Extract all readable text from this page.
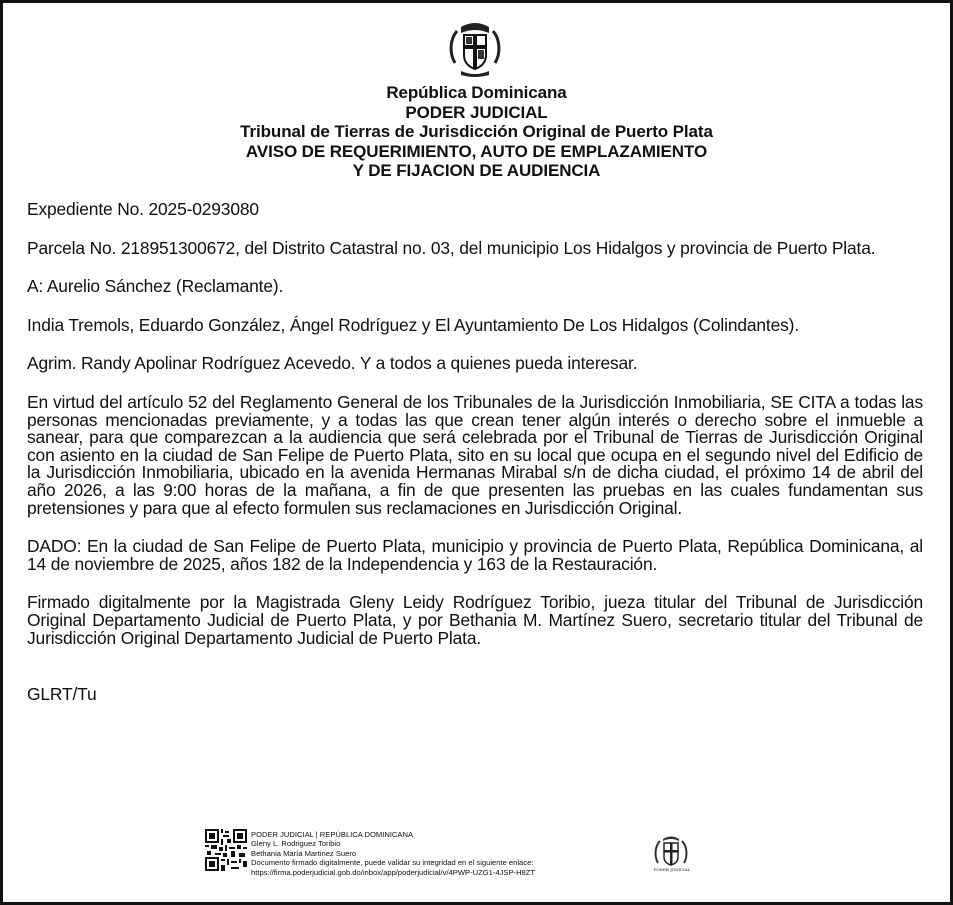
República Dominicana
PODER JUDICIAL
Tribunal de Tierras de Jurisdicción Original de Puerto Plata
AVISO DE REQUERIMIENTO, AUTO DE EMPLAZAMIENTO
Y DE FIJACION DE AUDIENCIA

Expediente No. 2025-0293080

Parcela No. 218951300672, del Distrito Catastral no. 03, del municipio Los Hidalgos y provincia de Puerto Plata.

A: Aurelio Sánchez (Reclamante).

India Tremols, Eduardo González, Ángel Rodríguez y El Ayuntamiento De Los Hidalgos (Colindantes).

Agrim. Randy Apolinar Rodríguez Acevedo. Y a todos a quienes pueda interesar.

En virtud del artículo 52 del Reglamento General de los Tribunales de la Jurisdicción Inmobiliaria, SE CITA a todas las personas mencionadas previamente, y a todas las que crean tener algún interés o derecho sobre el inmueble a sanear, para que comparezcan a la audiencia que será celebrada por el Tribunal de Tierras de Jurisdicción Original con asiento en la ciudad de San Felipe de Puerto Plata, sito en su local que ocupa en el segundo nivel del Edificio de la Jurisdicción Inmobiliaria, ubicado en la avenida Hermanas Mirabal s/n de dicha ciudad, el próximo 14 de abril del año 2026, a las 9:00 horas de la mañana, a fin de que presenten las pruebas en las cuales fundamentan sus pretensiones y para que al efecto formulen sus reclamaciones en Jurisdicción Original.

DADO: En la ciudad de San Felipe de Puerto Plata, municipio y provincia de Puerto Plata, República Dominicana, al 14 de noviembre de 2025, años 182 de la Independencia y 163 de la Restauración.

Firmado digitalmente por la Magistrada Gleny Leidy Rodríguez Toribio, jueza titular del Tribunal de Jurisdicción Original Departamento Judicial de Puerto Plata, y por Bethania M. Martínez Suero, secretario titular del Tribunal de Jurisdicción Original Departamento Judicial de Puerto Plata.

GLRT/Tu

PODER JUDICIAL | REPÚBLICA DOMINICANA
Gleny L. Rodriguez Toribio
Bethania María Martinez Suero
Documento firmado digitalmente, puede validar su integridad en el siguiente enlace:
https://firma.poderjudicial.gob.do/inbox/app/poderjudicial/v/4PWP-UZG1-4JSP-H8ZT	PODER JUDICIAL
